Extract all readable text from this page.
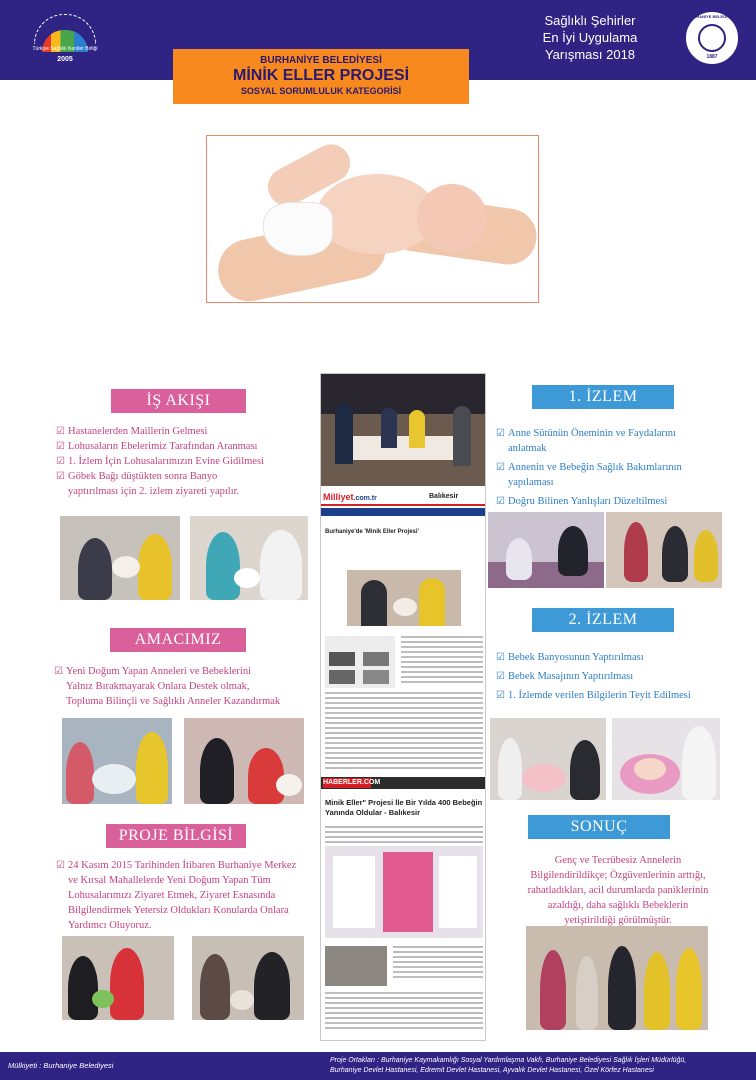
Türkiye Sağlıklı Kentler Birliği
2005
Sağlıklı Şehirler
En İyi Uygulama
Yarışması 2018
BURHANİYE BELEDİYESİ
1887
BURHANİYE BELEDİYESİ
MİNİK ELLER PROJESİ
SOSYAL SORUMLULUK KATEGORİSİ
İŞ AKIŞI
☑ Hastanelerden Maillerin Gelmesi
☑ Lohusaların Ebelerimiz Tarafından Aranması
☑ 1. İzlem İçin Lohusalarımızın Evine Gidilmesi
☑ Göbek Bağı düştükten sonra Banyo
yaptırılması için 2. izlem ziyareti yapılır.
AMACIMIZ
☑ Yeni Doğum Yapan Anneleri ve Bebeklerini
Yalnız Bırakmayarak Onlara Destek olmak,
Topluma Bilinçli ve Sağlıklı Anneler Kazandırmak
PROJE BİLGİSİ
☑ 24 Kasım 2015 Tarihinden İtibaren Burhaniye Merkez
ve Kırsal Mahallelerde Yeni Doğum Yapan Tüm
Lohusalarımızı Ziyaret Etmek, Ziyaret Esnasında
Bilgilendirmek Yetersiz Oldukları Konularda Onlara
Yardımcı Oluyoruz.
Milliyet.com.tr	Balıkesir
Burhaniye'de 'Minik Eller Projesi'
HABERLER.COM
Minik Eller" Projesi İle Bir Yılda 400 Bebeğin Yanında Oldular - Balıkesir
1. İZLEM
☑ Anne Sütünün Öneminin ve Faydalarını
anlatmak
☑ Annenin ve Bebeğin Sağlık Bakımlarının
yapılaması
☑ Doğru Bilinen Yanlışları Düzeltilmesi
2. İZLEM
☑ Bebek Banyosunun Yaptırılması
☑ Bebek Masajının Yaptırılması
☑ 1. İzlemde verilen Bilgilerin Teyit Edilmesi
SONUÇ
Genç ve Tecrübesiz Annelerin
Bilgilendirildikçe; Özgüvenlerinin arttığı,
rahatladıkları, acil durumlarda paniklerinin
azaldığı, daha sağlıklı Bebeklerin
yetiştirildiği görülmüştür.
Mülkiyeti : Burhaniye Belediyesi
Proje Ortakları : Burhaniye Kaymakamlığı Sosyal Yardımlaşma Vakfı, Burhaniye Belediyesi Sağlık İşleri Müdürlüğü,
Burhaniye Devlet Hastanesi, Edremit Devlet Hastanesi, Ayvalık Devlet Hastanesi, Özel Körfez Hastanesi
